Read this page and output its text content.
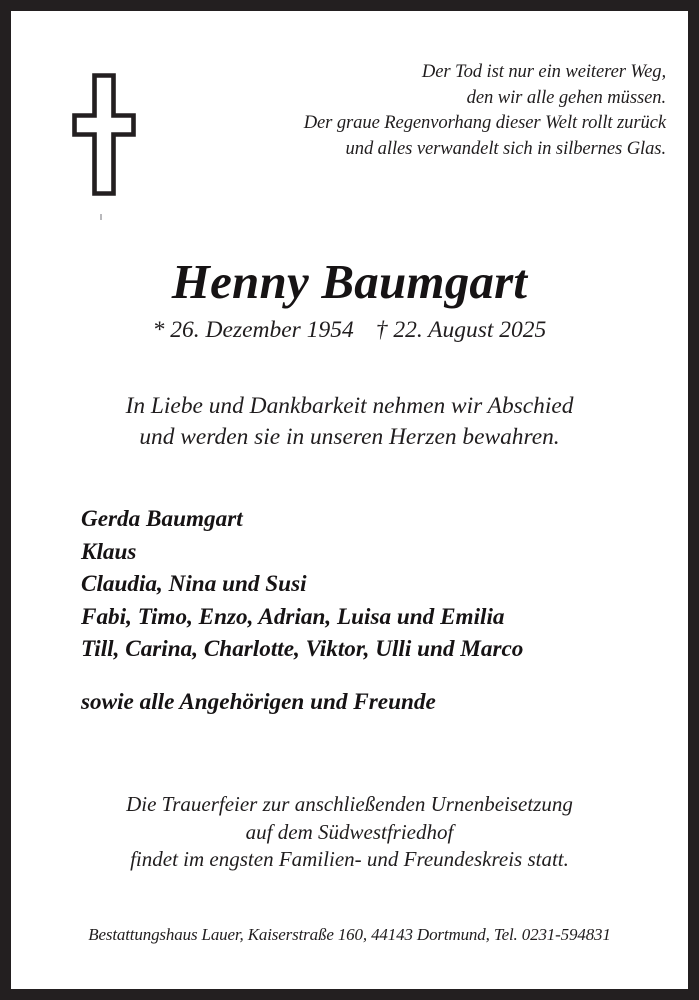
Der Tod ist nur ein weiterer Weg,
den wir alle gehen müssen.
Der graue Regenvorhang dieser Welt rollt zurück
und alles verwandelt sich in silbernes Glas.
Henny Baumgart
* 26. Dezember 1954 † 22. August 2025
In Liebe und Dankbarkeit nehmen wir Abschied
und werden sie in unseren Herzen bewahren.
Gerda Baumgart
Klaus
Claudia, Nina und Susi
Fabi, Timo, Enzo, Adrian, Luisa und Emilia
Till, Carina, Charlotte, Viktor, Ulli und Marco
sowie alle Angehörigen und Freunde
Die Trauerfeier zur anschließenden Urnenbeisetzung
auf dem Südwestfriedhof
findet im engsten Familien- und Freundeskreis statt.
Bestattungshaus Lauer, Kaiserstraße 160, 44143 Dortmund, Tel. 0231-594831
